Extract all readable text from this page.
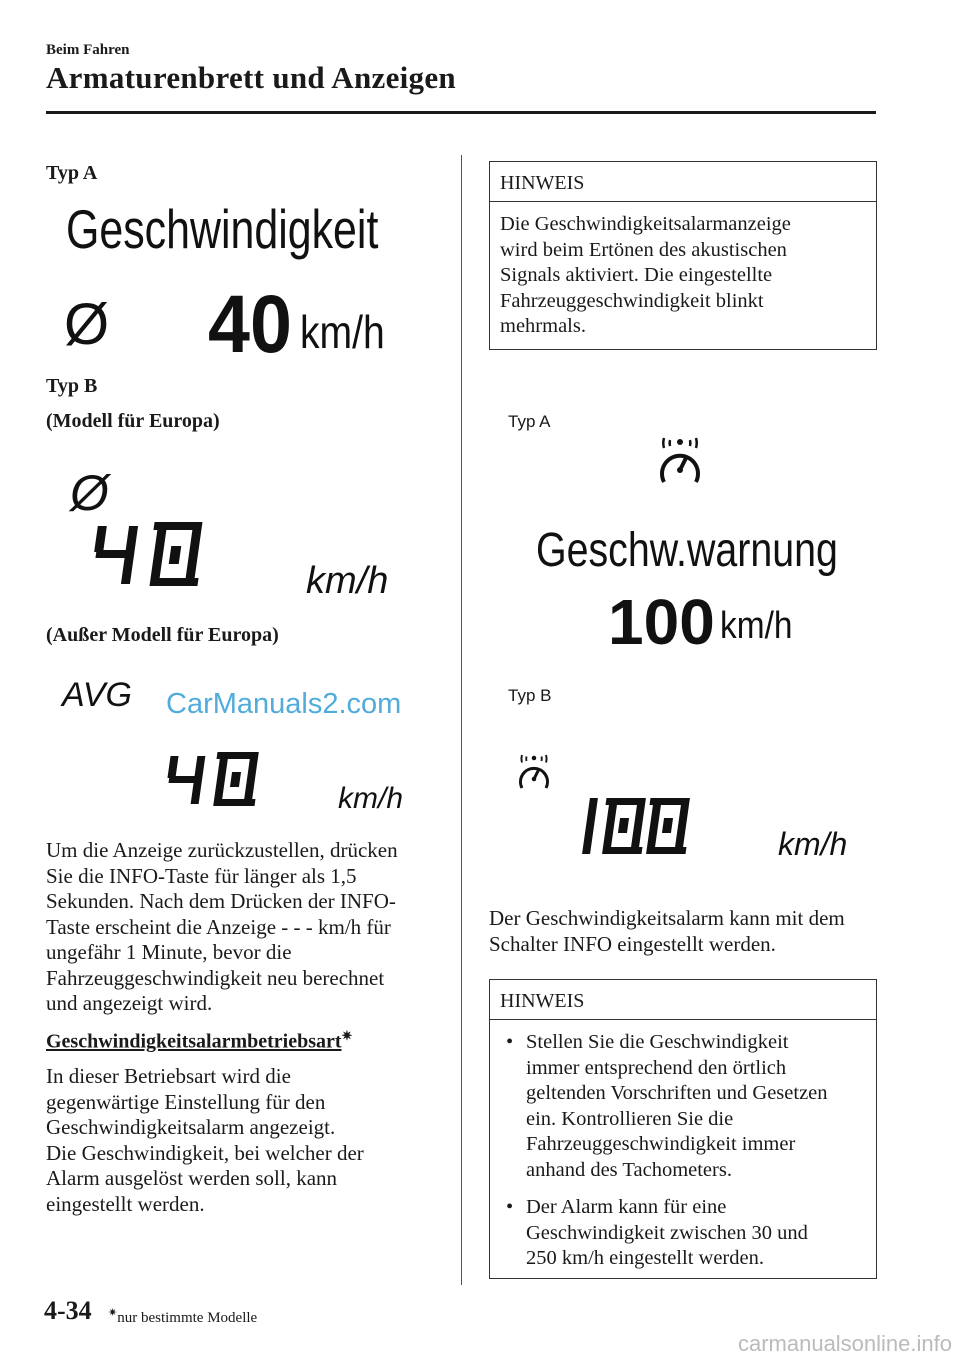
Beim Fahren
Armaturenbrett und Anzeigen
Typ A
Geschwindigkeit
Ø 40 km/h
Typ B
(Modell für Europa)
Ø
km/h
(Außer Modell für Europa)
AVG CarManuals2.com
km/h
Um die Anzeige zurückzustellen, drücken
Sie die INFO-Taste für länger als 1,5
Sekunden. Nach dem Drücken der INFO-
Taste erscheint die Anzeige - - - km/h für
ungefähr 1 Minute, bevor die
Fahrzeuggeschwindigkeit neu berechnet
und angezeigt wird.
Geschwindigkeitsalarmbetriebsart✷
In dieser Betriebsart wird die
gegenwärtige Einstellung für den
Geschwindigkeitsalarm angezeigt.
Die Geschwindigkeit, bei welcher der
Alarm ausgelöst werden soll, kann
eingestellt werden.
HINWEIS
Die Geschwindigkeitsalarmanzeige
wird beim Ertönen des akustischen
Signals aktiviert. Die eingestellte
Fahrzeuggeschwindigkeit blinkt
mehrmals.
Typ A
Geschw.warnung
100 km/h
Typ B
km/h
Der Geschwindigkeitsalarm kann mit dem
Schalter INFO eingestellt werden.
HINWEIS
• Stellen Sie die Geschwindigkeit
immer entsprechend den örtlich
geltenden Vorschriften und Gesetzen
ein. Kontrollieren Sie die
Fahrzeuggeschwindigkeit immer
anhand des Tachometers.
• Der Alarm kann für eine
Geschwindigkeit zwischen 30 und
250 km/h eingestellt werden.
4-34 ✷nur bestimmte Modelle
carmanualsonline.info
